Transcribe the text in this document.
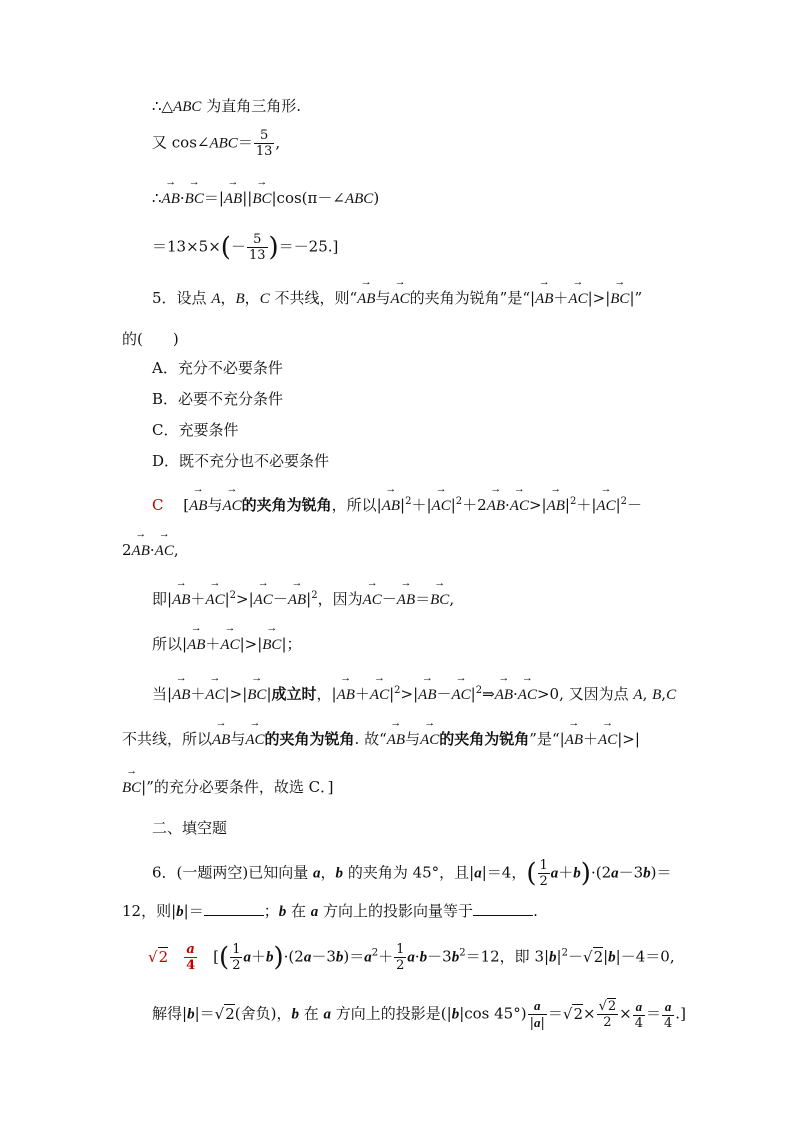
∴△ABC 为直角三角形.
又 cos∠ABC＝ $\frac{5}{13}$ ,
∴→ AB·→ BC＝|→ AB||→ BC|cos(π－∠ABC)
$=13\times 5\times(- \frac{5}{13} )=-25$.]
5．设点 A，B，C 不共线，则“→ AB与→ AC的夹角为锐角”是“|→ AB＋→ AC|>|→ BC|”
的(　　)
A．充分不必要条件
B．必要不充分条件
C．充要条件
D．既不充分也不必要条件
C　 [→ AB与→ AC的夹角为锐角，所以|→ $AB|^2+|\to AC|^2+2\to AB\cdot\to AC>|\to AB|^2+|\to AC|^2-$
2→ AB·→ AC,
即|→ $AB+\to AC|^2>|\to AC-\to AB|^2$，因为→ AC－→ AB＝→ BC,
所以|→ AB＋→ AC|>|→ BC|；
当|→ AB＋→ AC|>|→ BC|成立时，|→ $AB+\to AC|^2>|\to AB-\to$ $AC|^2\Rightarrow\to AB\cdot\to AC>0$, 又因为点 A, B,C
不共线，所以→ AB与→ AC的夹角为锐角. 故“→ AB与→ AC的夹角为锐角”是“|→ AB＋→ AC|>|
→ BC|”的充分必要条件，故选 C．]
二、填空题
6．(一题两空)已知向量 a，b 的夹角为 45°，且|a|＝4，( $\frac{1}{2} a+b)\cdot(2a-3b)=$
12，则|b|＝	；b 在 a 方向上的投影向量等于	.
√2　 $\frac{a}{4}$ 　[( $\frac{1}{2} a+b)\cdot(2a-3b)=a^2+ \frac{1}{2} a\cdot b-3b^2=12$，即 $3|b|^2-√2|b|-4=0$,
解得|b|＝√2(舍负)，b 在 a 方向上的投影是(|b|cos $45^\circ) \frac{a}{|a|} =√2\times \frac{√2}{2} \times \frac{a}{4} = \frac{a}{4}$ .]
